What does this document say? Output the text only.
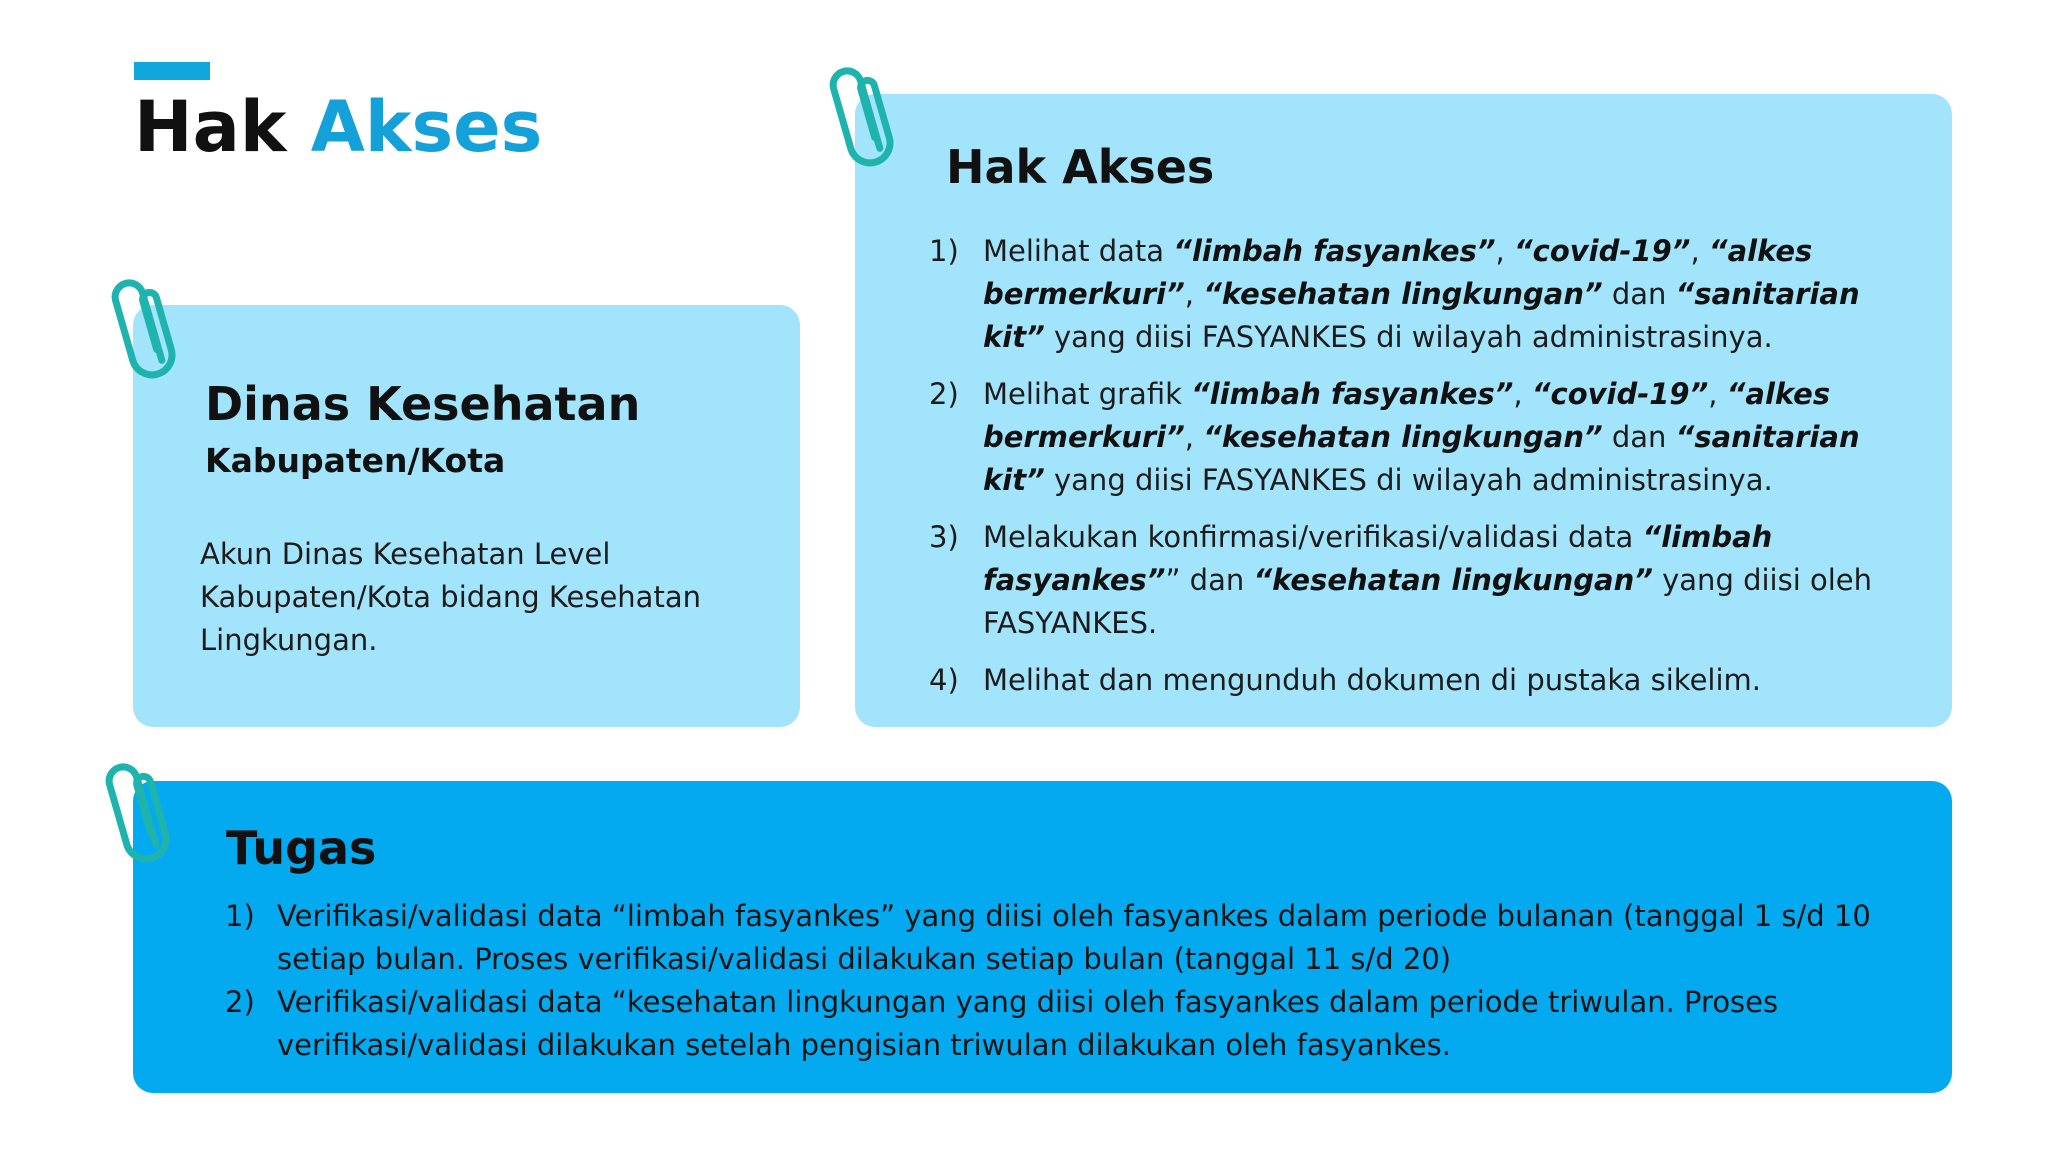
Hak Akses
Dinas Kesehatan
Kabupaten/Kota

Akun Dinas Kesehatan Level Kabupaten/Kota bidang Kesehatan Lingkungan.

Hak Akses
1) Melihat data “limbah fasyankes”, “covid-19”, “alkes bermerkuri”, “kesehatan lingkungan” dan “sanitarian kit” yang diisi FASYANKES di wilayah administrasinya.
2) Melihat grafik “limbah fasyankes”, “covid-19”, “alkes bermerkuri”, “kesehatan lingkungan” dan “sanitarian kit” yang diisi FASYANKES di wilayah administrasinya.
3) Melakukan konfirmasi/verifikasi/validasi data “limbah fasyankes”” dan “kesehatan lingkungan” yang diisi oleh FASYANKES.
4) Melihat dan mengunduh dokumen di pustaka sikelim.
Tugas
1) Verifikasi/validasi data “limbah fasyankes” yang diisi oleh fasyankes dalam periode bulanan (tanggal 1 s/d 10 setiap bulan. Proses verifikasi/validasi dilakukan setiap bulan (tanggal 11 s/d 20)
2) Verifikasi/validasi data “kesehatan lingkungan yang diisi oleh fasyankes dalam periode triwulan. Proses verifikasi/validasi dilakukan setelah pengisian triwulan dilakukan oleh fasyankes.
